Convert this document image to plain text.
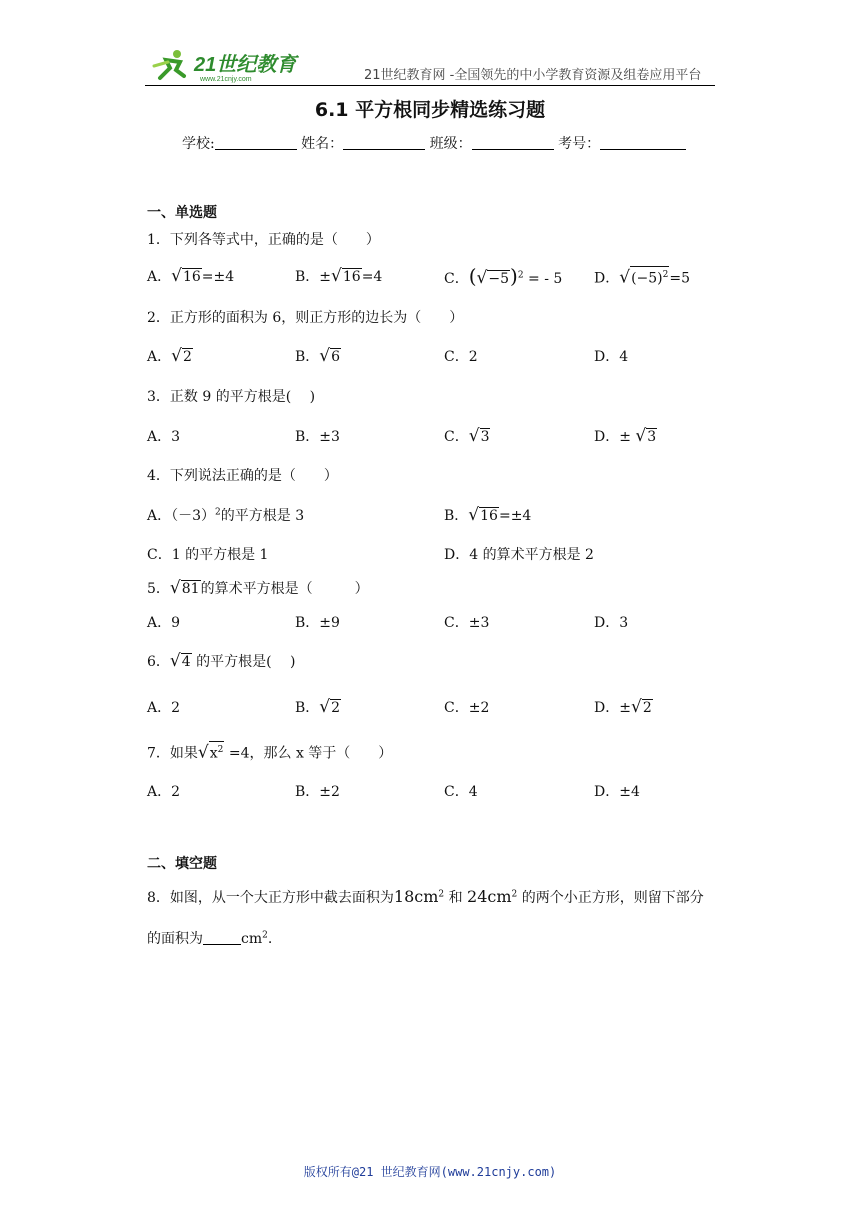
21世纪教育
www.21cnjy.com	21世纪教育网 -全国领先的中小学教育资源及组卷应用平台
6.1 平方根同步精选练习题
学校:	姓名：	班级：	考号：
一、单选题
1．下列各等式中，正确的是（　　）
A．√16=±4	B．±√16=4	C．$(√-5)^2$ = - 5 D．$√(-5)^2=5$
2．正方形的面积为 6，则正方形的边长为（　　）
A．√2	B．√6	C．2	D．4
3．正数 9 的平方根是(　 )
A．3	B．±3	C．√3	D．± √3
4．下列说法正确的是（　　）
A．$(-3)^2$的平方根是 3	B．√16=±4
C．1 的平方根是 1	D．4 的算术平方根是 2
5．√81的算术平方根是（　　　）
A．9	B．±9	C．±3	D．3
6．√4 的平方根是(　 )
A．2	B．√2	C．±2	D．±√2
7．如果$√x^2 =4$，那么 x 等于（　　）
A．2	B．±2	C．4	D．±4
二、填空题
8．如图，从一个大正方形中截去面积为$18cm^2$ 和 $24cm^2$ 的两个小正方形，则留下部分
的面积为	$cm^2$.
版权所有@21 世纪教育网(www.21cnjy.com)
